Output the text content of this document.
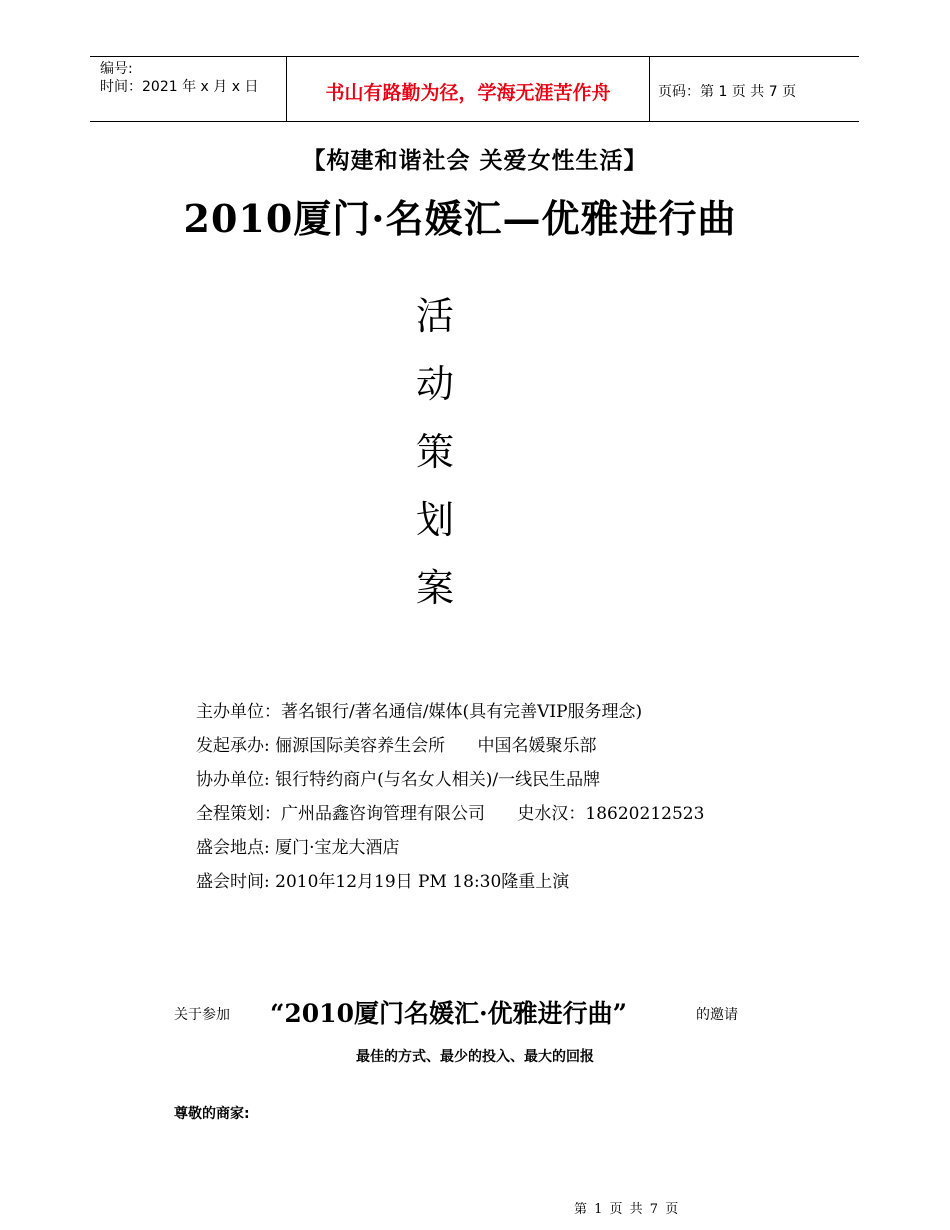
编号:
时间：2021 年 x 月 x 日	书山有路勤为径，学海无涯苦作舟	页码：第 1 页 共 7 页
【构建和谐社会 关爱女性生活】
2010厦门·名媛汇—优雅进行曲
活
动
策
划
案
主办单位：著名银行/著名通信/媒体(具有完善VIP服务理念)
发起承办: 俪源国际美容养生会所      中国名媛聚乐部
协办单位: 银行特约商户(与名女人相关)/一线民生品牌
全程策划：广州品鑫咨询管理有限公司      史水汉：18620212523
盛会地点: 厦门·宝龙大酒店
盛会时间: 2010年12月19日 PM 18:30隆重上演
关于参加 “2010厦门名媛汇·优雅进行曲”	的邀请
最佳的方式、最少的投入、最大的回报
尊敬的商家:
第 1 页 共 7 页
